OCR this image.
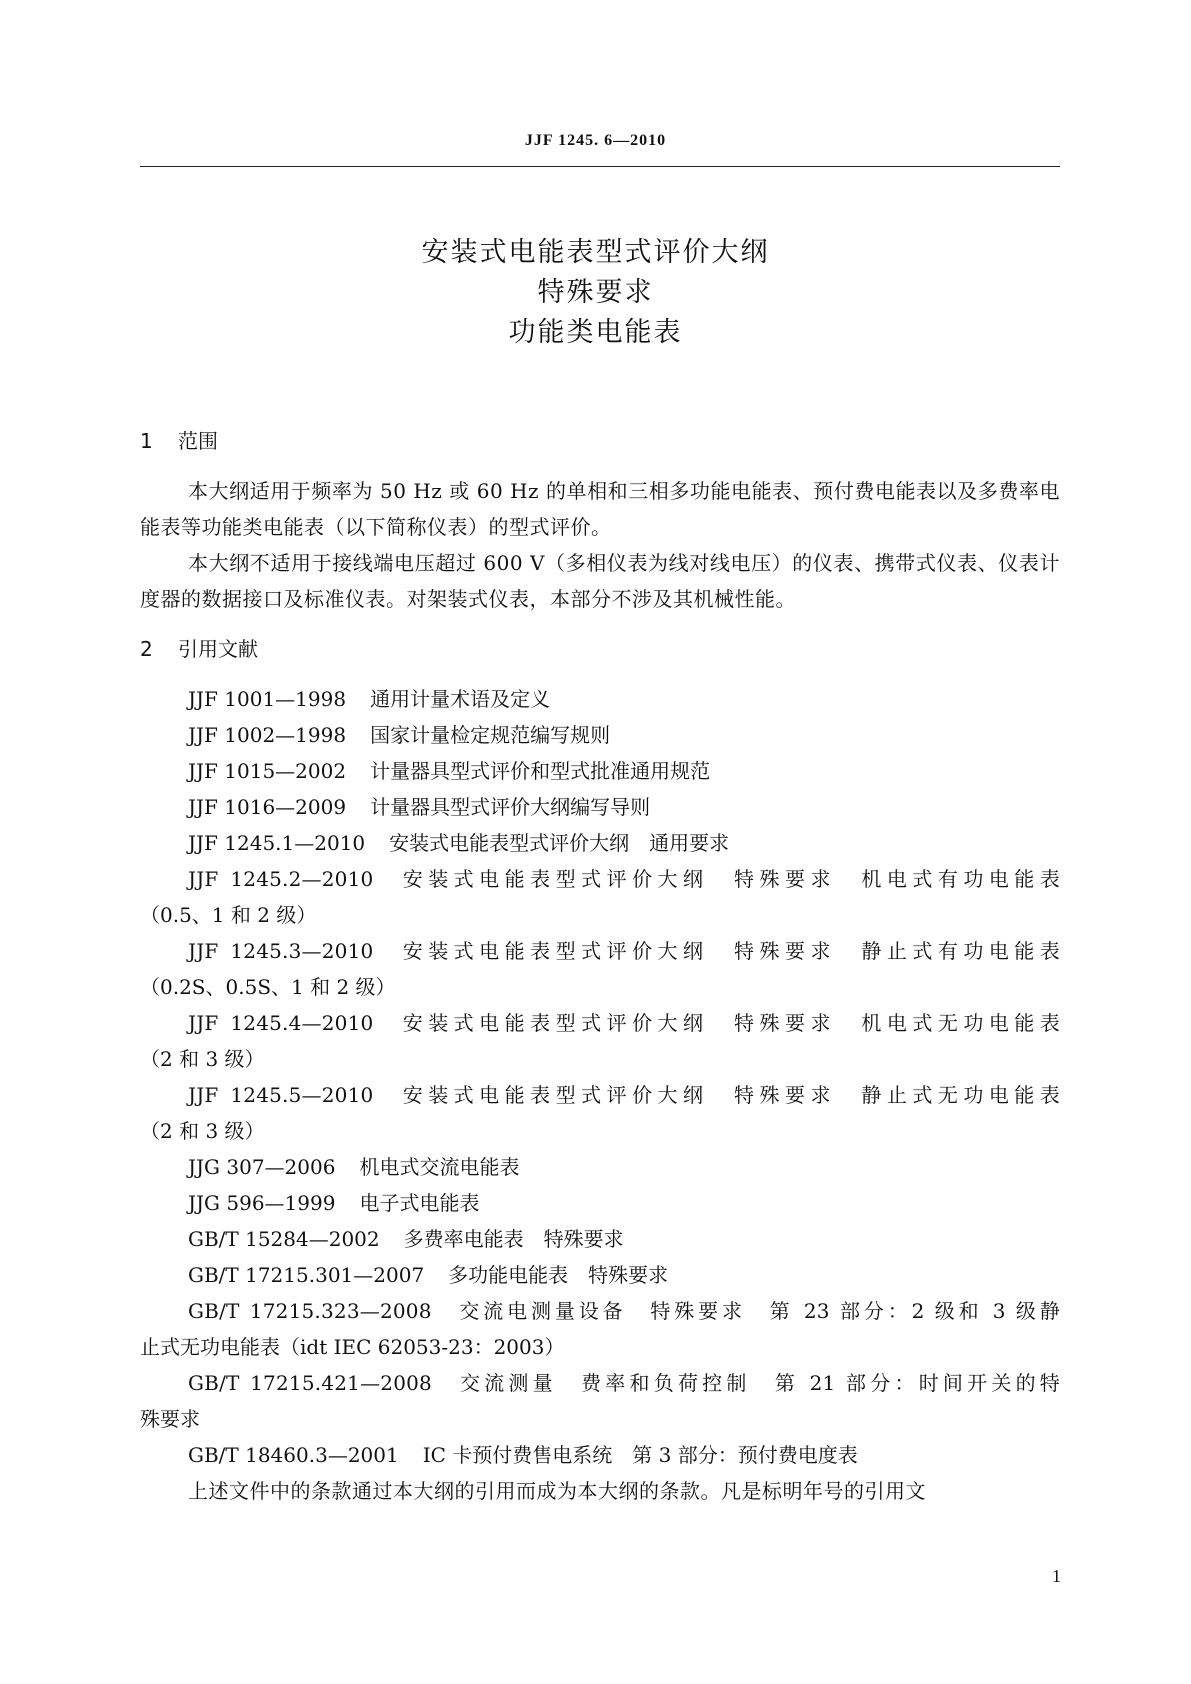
JJF 1245. 6—2010

安装式电能表型式评价大纲

特殊要求

功能类电能表

1 范围

本大纲适用于频率为 50 Hz 或 60 Hz 的单相和三相多功能电能表、预付费电能表以及多费率电能表等功能类电能表（以下简称仪表）的型式评价。

本大纲不适用于接线端电压超过 600 V（多相仪表为线对线电压）的仪表、携带式仪表、仪表计度器的数据接口及标准仪表。对架装式仪表，本部分不涉及其机械性能。

2 引用文献

JJF 1001—1998 通用计量术语及定义

JJF 1002—1998 国家计量检定规范编写规则

JJF 1015—2002 计量器具型式评价和型式批准通用规范

JJF 1016—2009 计量器具型式评价大纲编写导则

JJF 1245.1—2010 安装式电能表型式评价大纲　通用要求

JJF 1245.2—2010 安装式电能表型式评价大纲　特殊要求　机电式有功电能表

（0.5、1 和 2 级）

JJF 1245.3—2010 安装式电能表型式评价大纲　特殊要求　静止式有功电能表

（0.2S、0.5S、1 和 2 级）

JJF 1245.4—2010 安装式电能表型式评价大纲　特殊要求　机电式无功电能表

（2 和 3 级）

JJF 1245.5—2010 安装式电能表型式评价大纲　特殊要求　静止式无功电能表

（2 和 3 级）

JJG 307—2006 机电式交流电能表

JJG 596—1999 电子式电能表

GB/T 15284—2002 多费率电能表　特殊要求

GB/T 17215.301—2007 多功能电能表　特殊要求

GB/T 17215.323—2008 交流电测量设备　特殊要求　第 23 部分：2 级和 3 级静

止式无功电能表（idt IEC 62053-23：2003）

GB/T 17215.421—2008 交流测量　费率和负荷控制　第 21 部分：时间开关的特

殊要求

GB/T 18460.3—2001 IC 卡预付费售电系统　第 3 部分：预付费电度表

上述文件中的条款通过本大纲的引用而成为本大纲的条款。凡是标明年号的引用文

1
